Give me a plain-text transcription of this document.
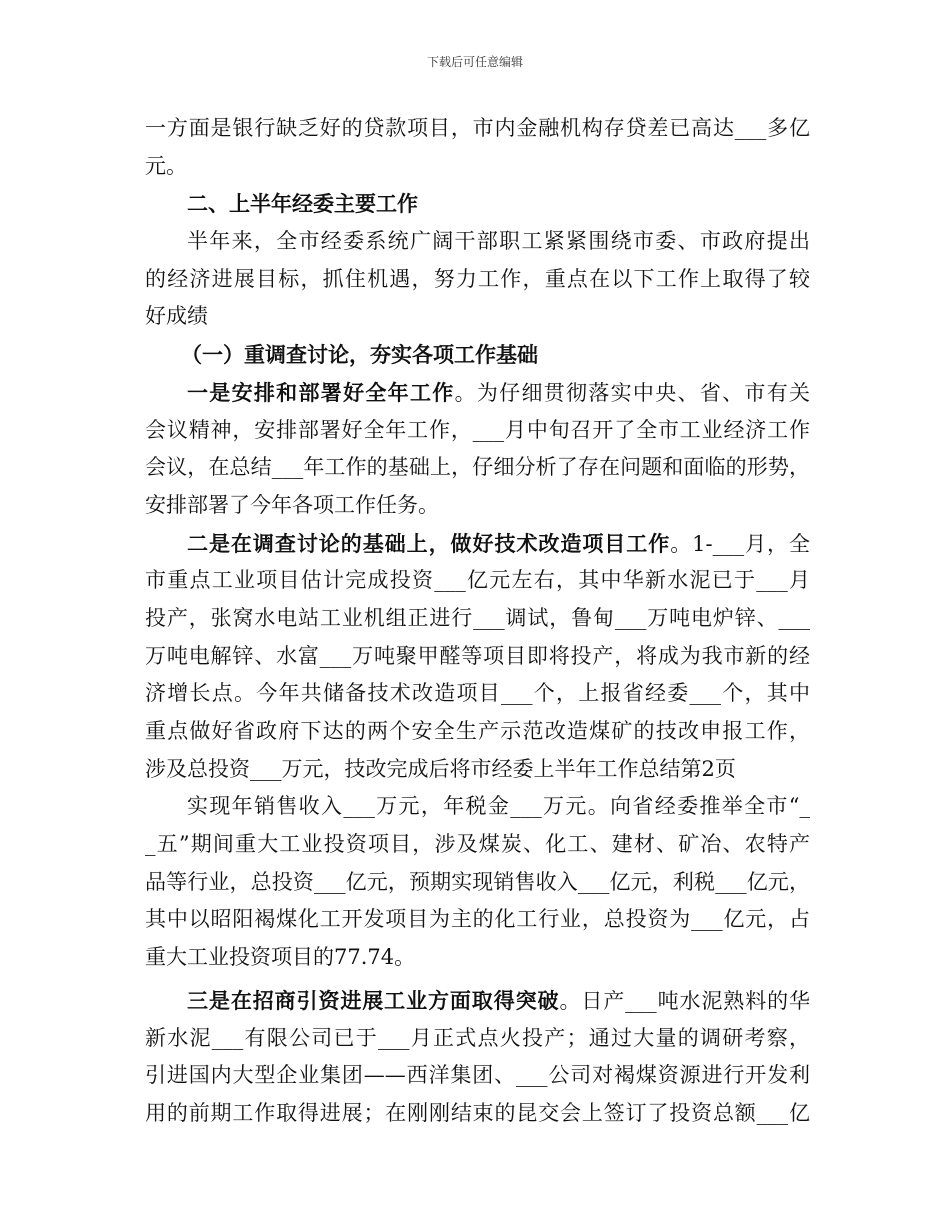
下载后可任意编辑
一方面是银行缺乏好的贷款项目，市内金融机构存贷差已高达___多亿
元。
二、上半年经委主要工作
半年来，全市经委系统广阔干部职工紧紧围绕市委、市政府提出
的经济进展目标，抓住机遇，努力工作，重点在以下工作上取得了较
好成绩
（一）重调查讨论，夯实各项工作基础
一是安排和部署好全年工作。为仔细贯彻落实中央、省、市有关
会议精神，安排部署好全年工作，___月中旬召开了全市工业经济工作
会议，在总结___年工作的基础上，仔细分析了存在问题和面临的形势，
安排部署了今年各项工作任务。
二是在调查讨论的基础上，做好技术改造项目工作。1-___月，全
市重点工业项目估计完成投资___亿元左右，其中华新水泥已于___月
投产，张窝水电站工业机组正进行___调试，鲁甸___万吨电炉锌、___
万吨电解锌、水富___万吨聚甲醛等项目即将投产，将成为我市新的经
济增长点。今年共储备技术改造项目___个，上报省经委___个，其中
重点做好省政府下达的两个安全生产示范改造煤矿的技改申报工作，
涉及总投资___万元，技改完成后将市经委上半年工作总结第2页
实现年销售收入___万元，年税金___万元。向省经委推举全市“_
_五”期间重大工业投资项目，涉及煤炭、化工、建材、矿冶、农特产
品等行业，总投资___亿元，预期实现销售收入___亿元，利税___亿元，
其中以昭阳褐煤化工开发项目为主的化工行业，总投资为___亿元，占
重大工业投资项目的77.74。
三是在招商引资进展工业方面取得突破。日产___吨水泥熟料的华
新水泥___有限公司已于___月正式点火投产；通过大量的调研考察，
引进国内大型企业集团——西洋集团、___公司对褐煤资源进行开发利
用的前期工作取得进展；在刚刚结束的昆交会上签订了投资总额___亿
